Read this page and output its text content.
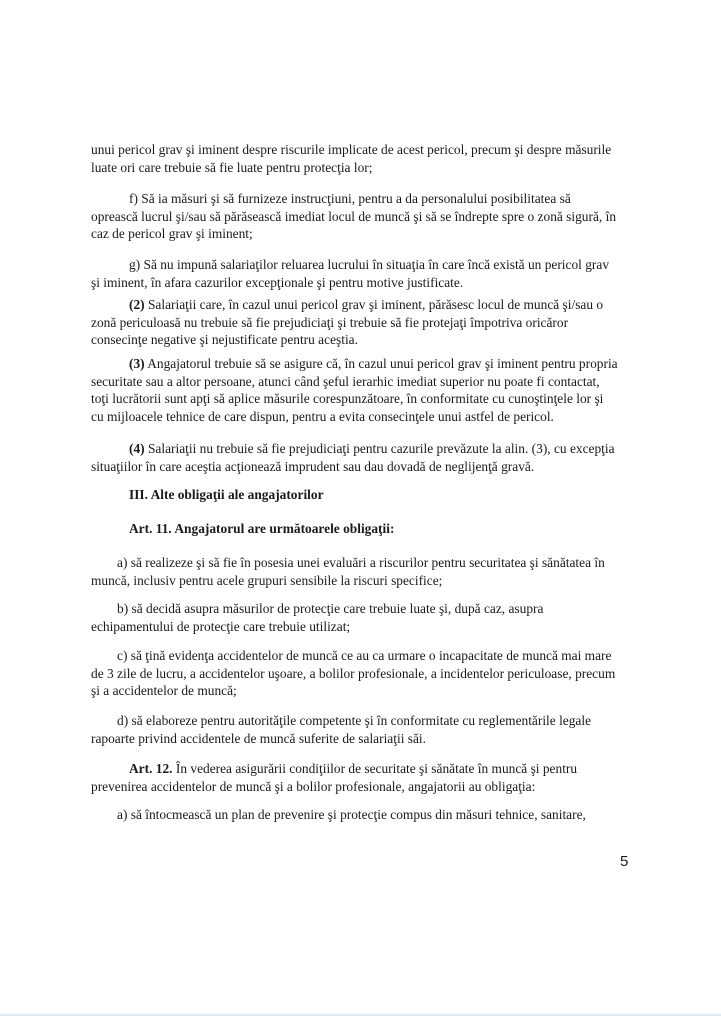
unui pericol grav şi iminent despre riscurile implicate de acest pericol, precum şi despre măsurile
luate ori care trebuie să fie luate pentru protecţia lor;
f) Să ia măsuri şi să furnizeze instrucţiuni, pentru a da personalului posibilitatea să
oprească lucrul şi/sau să părăsească imediat locul de muncă şi să se îndrepte spre o zonă sigură, în
caz de pericol grav şi iminent;
g) Să nu impună salariaţilor reluarea lucrului în situaţia în care încă există un pericol grav
şi iminent, în afara cazurilor excepţionale şi pentru motive justificate.
(2) Salariaţii care, în cazul unui pericol grav şi iminent, părăsesc locul de muncă şi/sau o
zonă periculoasă nu trebuie să fie prejudiciaţi şi trebuie să fie protejaţi împotriva oricăror
consecinţe negative şi nejustificate pentru aceştia.
(3) Angajatorul trebuie să se asigure că, în cazul unui pericol grav şi iminent pentru propria
securitate sau a altor persoane, atunci când şeful ierarhic imediat superior nu poate fi contactat,
toţi lucrătorii sunt apţi să aplice măsurile corespunzătoare, în conformitate cu cunoştinţele lor şi
cu mijloacele tehnice de care dispun, pentru a evita consecinţele unui astfel de pericol.
(4) Salariaţii nu trebuie să fie prejudiciaţi pentru cazurile prevăzute la alin. (3), cu excepţia
situaţiilor în care aceştia acţionează imprudent sau dau dovadă de neglijenţă gravă.
III. Alte obligaţii ale angajatorilor
Art. 11. Angajatorul are următoarele obligaţii:
a) să realizeze şi să fie în posesia unei evaluări a riscurilor pentru securitatea şi sănătatea în
muncă, inclusiv pentru acele grupuri sensibile la riscuri specifice;
b) să decidă asupra măsurilor de protecţie care trebuie luate şi, după caz, asupra
echipamentului de protecţie care trebuie utilizat;
c) să ţină evidenţa accidentelor de muncă ce au ca urmare o incapacitate de muncă mai mare
de 3 zile de lucru, a accidentelor uşoare, a bolilor profesionale, a incidentelor periculoase, precum
şi a accidentelor de muncă;
d) să elaboreze pentru autorităţile competente şi în conformitate cu reglementările legale
rapoarte privind accidentele de muncă suferite de salariaţii săi.
Art. 12. În vederea asigurării condiţiilor de securitate şi sănătate în muncă şi pentru
prevenirea accidentelor de muncă şi a bolilor profesionale, angajatorii au obligaţia:
a) să întocmească un plan de prevenire şi protecţie compus din măsuri tehnice, sanitare,
5
